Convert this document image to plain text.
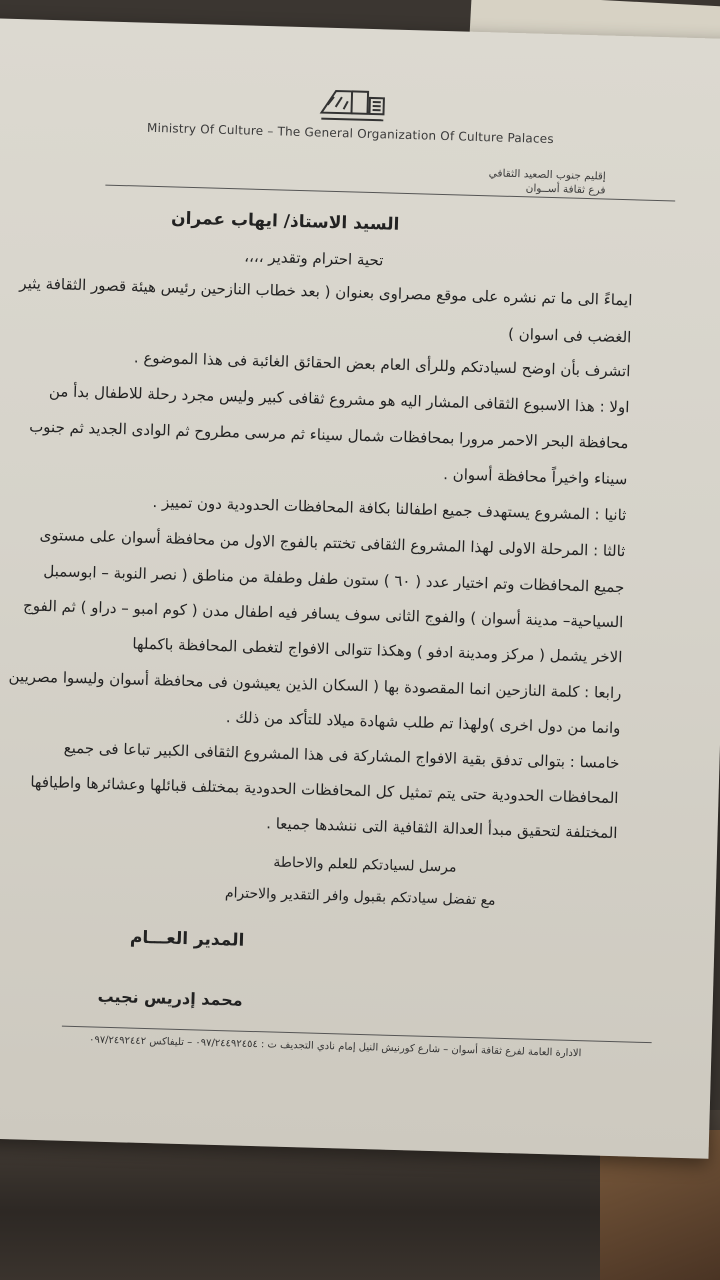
Ministry Of Culture – The General Organization Of Culture Palaces
إقليم جنوب الصعيد الثقافي
فرع ثقافة أســوان
السيد الاستاذ/ ايهاب عمران
تحية احترام وتقدير ،،،،
ايماءً الى ما تم نشره على موقع مصراوى بعنوان ( بعد خطاب النازحين رئيس هيئة قصور الثقافة يثير
الغضب فى اسوان )
اتشرف بأن اوضح لسيادتكم وللرأى العام بعض الحقائق الغائبة فى هذا الموضوع .
اولا : هذا الاسبوع الثقافى المشار اليه هو مشروع ثقافى كبير وليس مجرد رحلة للاطفال بدأ من
محافظة البحر الاحمر مرورا بمحافظات شمال سيناء ثم مرسى مطروح ثم الوادى الجديد ثم جنوب
سيناء واخيراً محافظة أسوان .
ثانيا : المشروع يستهدف جميع اطفالنا بكافة المحافظات الحدودية دون تمييز .
ثالثا : المرحلة الاولى لهذا المشروع الثقافى تختتم بالفوج الاول من محافظة أسوان على مستوى
جميع المحافظات وتم اختيار عدد ( ٦٠ ) ستون طفل وطفلة من مناطق ( نصر النوبة – ابوسمبل
السياحية– مدينة أسوان ) والفوج الثانى سوف يسافر فيه اطفال مدن ( كوم امبو – دراو ) ثم الفوج
الاخر يشمل ( مركز ومدينة ادفو ) وهكذا تتوالى الافواج لتغطى المحافظة باكملها
رابعا : كلمة النازحين انما المقصودة بها ( السكان الذين يعيشون فى محافظة أسوان وليسوا مصريين
وانما من دول اخرى )ولهذا تم طلب شهادة ميلاد للتأكد من ذلك .
خامسا : بتوالى تدفق بقية الافواج المشاركة فى هذا المشروع الثقافى الكبير تباعا فى جميع
المحافظات الحدودية حتى يتم تمثيل كل المحافظات الحدودية بمختلف قبائلها وعشائرها واطيافها
المختلفة لتحقيق مبدأ العدالة الثقافية التى ننشدها جميعا .
مرسل لسيادتكم للعلم والاحاطة
مع تفضل سيادتكم بقبول وافر التقدير والاحترام
المدير العـــام
محمد إدريس نجيب
الادارة العامة لفرع ثقافة أسوان – شارع كورنيش النيل إمام نادي التجديف ت : ٠٩٧/٢٤٤٩٢٤٥٤ – تليفاكس ٠٩٧/٢٤٩٢٤٤٢
